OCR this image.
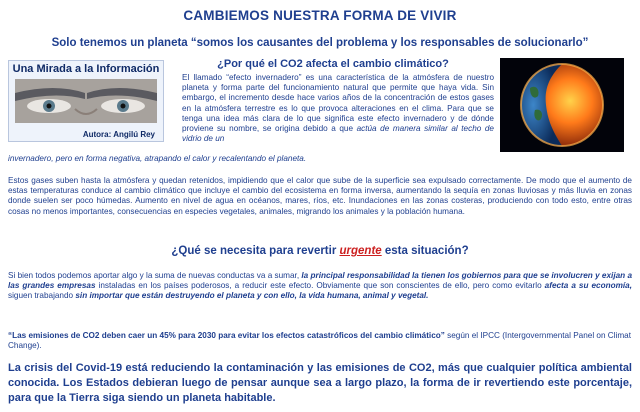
CAMBIEMOS NUESTRA FORMA DE VIVIR
Solo tenemos un planeta “somos los causantes del problema y los responsables de solucionarlo”
Una Mirada a la Información
Autora: Angilú Rey
¿Por qué el CO2 afecta el cambio climático?
El llamado “efecto invernadero” es una característica de la atmósfera de nuestro planeta y forma parte del funcionamiento natural que permite que haya vida. Sin embargo, el incremento desde hace varios años de la concentración de estos gases en la atmósfera terrestre es lo que provoca alteraciones en el clima. Para que se tenga una idea más clara de lo que significa este efecto invernadero y de dónde proviene su nombre, se origina debido a que actúa de manera similar al techo de vidrio de un
invernadero, pero en forma negativa, atrapando el calor y recalentando el planeta.
Estos gases suben hasta la atmósfera y quedan retenidos, impidiendo que el calor que sube de la superficie sea expulsado correctamente. De modo que el aumento de estas temperaturas conduce al cambio climático que incluye el cambio del ecosistema en forma inversa, aumentando la sequía en zonas lluviosas y más lluvia en zonas donde suelen ser poco húmedas. Aumento en nivel de agua en océanos, mares, ríos, etc. Inundaciones en las zonas costeras, produciendo con todo esto, entre otras cosas no menos importantes, consecuencias en especies vegetales, animales, migrando los animales y la población humana.
¿Qué se necesita para revertir urgente esta situación?
Si bien todos podemos aportar algo y la suma de nuevas conductas va a sumar, la principal responsabilidad la tienen los gobiernos para que se involucren y exijan a las grandes empresas instaladas en los países poderosos, a reducir este efecto. Obviamente que son conscientes de ello, pero como evitarlo afecta a su economía, siguen trabajando sin importar que están destruyendo el planeta y con ello, la vida humana, animal y vegetal.
“Las emisiones de CO2 deben caer un 45% para 2030 para evitar los efectos catastróficos del cambio climático” según el IPCC (Intergovernmental Panel on Climat Change).
La crisis del Covid-19 está reduciendo la contaminación y las emisiones de CO2, más que cualquier política ambiental conocida. Los Estados debieran luego de pensar aunque sea a largo plazo, la forma de ir revertiendo este porcentaje, para que la Tierra siga siendo un planeta habitable.
